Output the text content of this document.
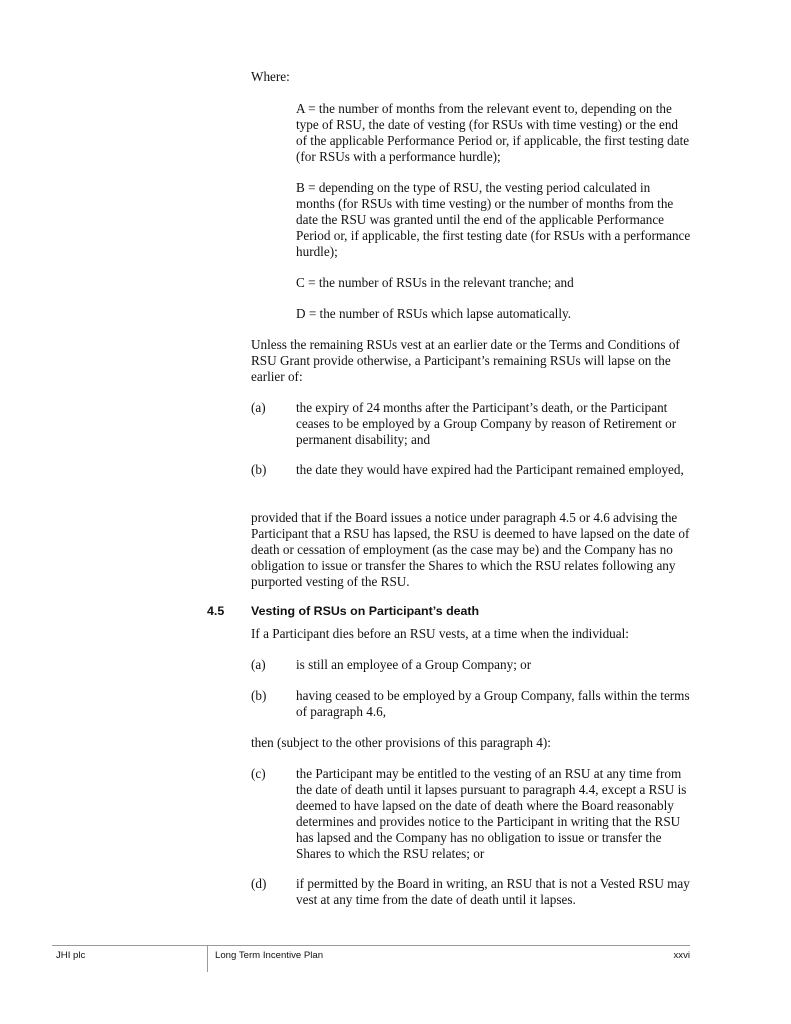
Where:

A = the number of months from the relevant event to, depending on the type of RSU, the date of vesting (for RSUs with time vesting) or the end of the applicable Performance Period or, if applicable, the first testing date (for RSUs with a performance hurdle);

B = depending on the type of RSU, the vesting period calculated in months (for RSUs with time vesting) or the number of months from the date the RSU was granted until the end of the applicable Performance Period or, if applicable, the first testing date (for RSUs with a performance hurdle);

C = the number of RSUs in the relevant tranche; and

D = the number of RSUs which lapse automatically.

Unless the remaining RSUs vest at an earlier date or the Terms and Conditions of RSU Grant provide otherwise, a Participant’s remaining RSUs will lapse on the earlier of:

(a) the expiry of 24 months after the Participant’s death, or the Participant ceases to be employed by a Group Company by reason of Retirement or permanent disability; and

(b) the date they would have expired had the Participant remained employed,

provided that if the Board issues a notice under paragraph 4.5 or 4.6 advising the Participant that a RSU has lapsed, the RSU is deemed to have lapsed on the date of death or cessation of employment (as the case may be) and the Company has no obligation to issue or transfer the Shares to which the RSU relates following any purported vesting of the RSU.

4.5 Vesting of RSUs on Participant’s death

If a Participant dies before an RSU vests, at a time when the individual:

(a) is still an employee of a Group Company; or

(b) having ceased to be employed by a Group Company, falls within the terms of paragraph 4.6,

then (subject to the other provisions of this paragraph 4):

(c) the Participant may be entitled to the vesting of an RSU at any time from the date of death until it lapses pursuant to paragraph 4.4, except a RSU is deemed to have lapsed on the date of death where the Board reasonably determines and provides notice to the Participant in writing that the RSU has lapsed and the Company has no obligation to issue or transfer the Shares to which the RSU relates; or

(d) if permitted by the Board in writing, an RSU that is not a Vested RSU may vest at any time from the date of death until it lapses.

JHI plc	Long Term Incentive Plan	xxvi
